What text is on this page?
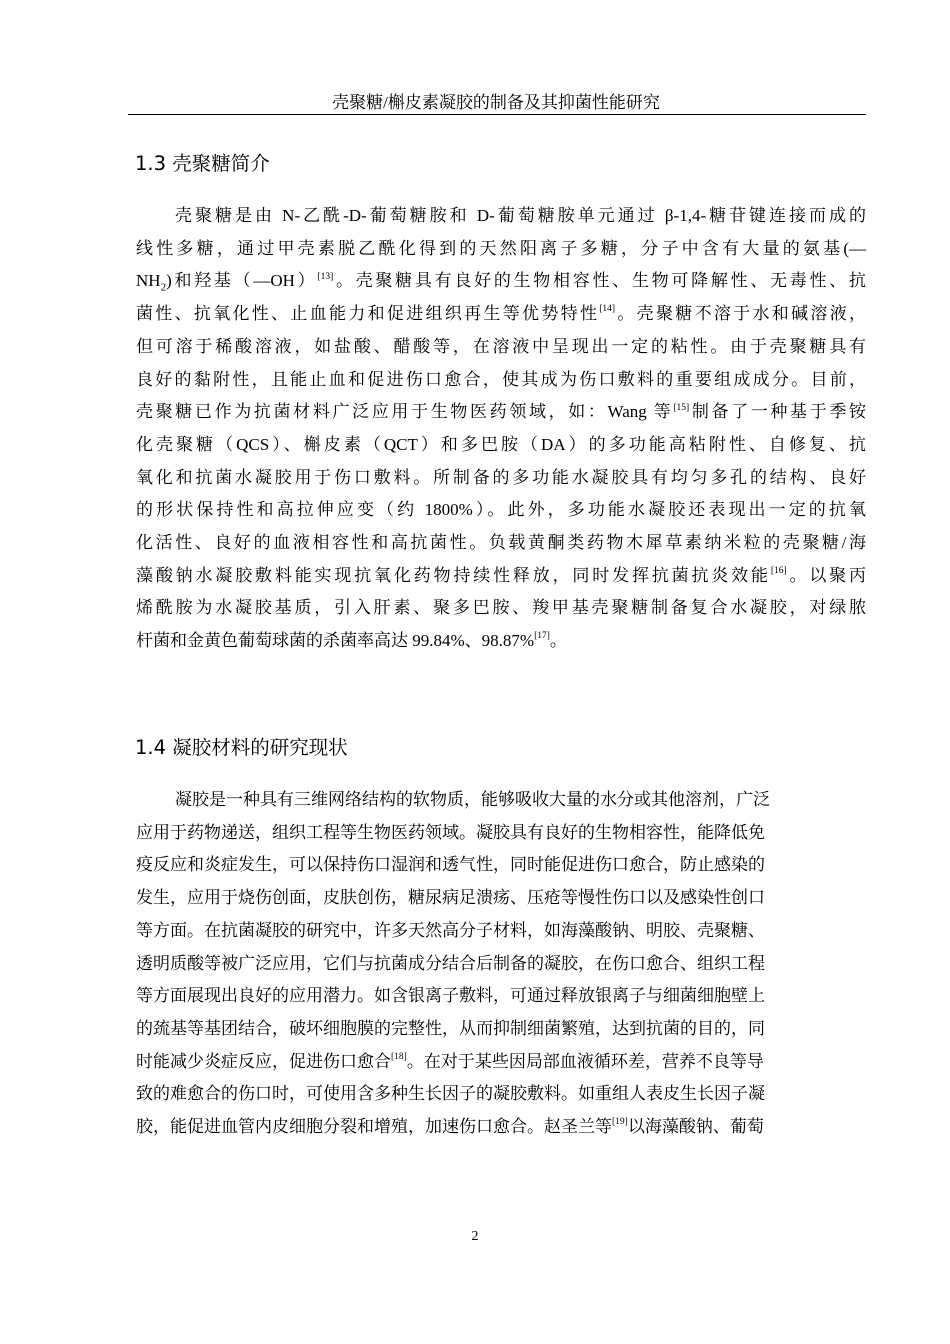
壳聚糖/槲皮素凝胶的制备及其抑菌性能研究
1.3 壳聚糖简介

壳聚糖是由 N-乙酰-D-葡萄糖胺和 D-葡萄糖胺单元通过 β-1,4-糖苷键连接而成的
线性多糖，通过甲壳素脱乙酰化得到的天然阳离子多糖，分子中含有大量的氨基(—
$NH_2$)和羟基（—OH）[13]。壳聚糖具有良好的生物相容性、生物可降解性、无毒性、抗
菌性、抗氧化性、止血能力和促进组织再生等优势特性[14]。壳聚糖不溶于水和碱溶液，
但可溶于稀酸溶液，如盐酸、醋酸等，在溶液中呈现出一定的粘性。由于壳聚糖具有
良好的黏附性，且能止血和促进伤口愈合，使其成为伤口敷料的重要组成成分。目前，
壳聚糖已作为抗菌材料广泛应用于生物医药领域，如：Wang 等[15]制备了一种基于季铵
化壳聚糖（QCS）、槲皮素（QCT）和多巴胺（DA）的多功能高粘附性、自修复、抗
氧化和抗菌水凝胶用于伤口敷料。所制备的多功能水凝胶具有均匀多孔的结构、良好
的形状保持性和高拉伸应变（约 1800%）。此外，多功能水凝胶还表现出一定的抗氧
化活性、良好的血液相容性和高抗菌性。负载黄酮类药物木犀草素纳米粒的壳聚糖/海
藻酸钠水凝胶敷料能实现抗氧化药物持续性释放，同时发挥抗菌抗炎效能[16]。以聚丙
烯酰胺为水凝胶基质，引入肝素、聚多巴胺、羧甲基壳聚糖制备复合水凝胶，对绿脓
杆菌和金黄色葡萄球菌的杀菌率高达 99.84%、98.87%[17]。

1.4 凝胶材料的研究现状

凝胶是一种具有三维网络结构的软物质，能够吸收大量的水分或其他溶剂，广泛
应用于药物递送，组织工程等生物医药领域。凝胶具有良好的生物相容性，能降低免
疫反应和炎症发生，可以保持伤口湿润和透气性，同时能促进伤口愈合，防止感染的
发生，应用于烧伤创面，皮肤创伤，糖尿病足溃疡、压疮等慢性伤口以及感染性创口
等方面。在抗菌凝胶的研究中，许多天然高分子材料，如海藻酸钠、明胶、壳聚糖、
透明质酸等被广泛应用，它们与抗菌成分结合后制备的凝胶，在伤口愈合、组织工程
等方面展现出良好的应用潜力。如含银离子敷料，可通过释放银离子与细菌细胞壁上
的巯基等基团结合，破坏细胞膜的完整性，从而抑制细菌繁殖，达到抗菌的目的，同
时能减少炎症反应，促进伤口愈合[18]。在对于某些因局部血液循环差，营养不良等导
致的难愈合的伤口时，可使用含多种生长因子的凝胶敷料。如重组人表皮生长因子凝
胶，能促进血管内皮细胞分裂和增殖，加速伤口愈合。赵圣兰等[19]以海藻酸钠、葡萄

2
